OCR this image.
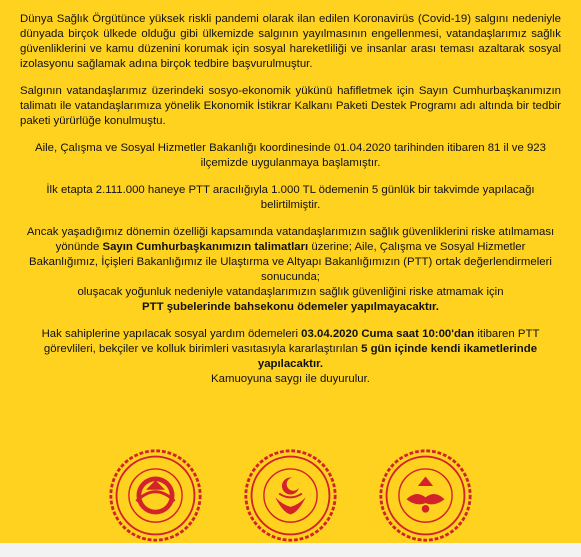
Dünya Sağlık Örgütünce yüksek riskli pandemi olarak ilan edilen Koronavirüs (Covid-19) salgını nedeniyle dünyada birçok ülkede olduğu gibi ülkemizde salgının yayılmasının engellenmesi, vatandaşlarımız sağlık güvenliklerini ve kamu düzenini korumak için sosyal hareketliliği ve insanlar arası teması azaltarak sosyal izolasyonu sağlamak adına birçok tedbire başvurulmuştur.

Salgının vatandaşlarımız üzerindeki sosyo-ekonomik yükünü hafifletmek için Sayın Cumhurbaşkanımızın talimatı ile vatandaşlarımıza yönelik Ekonomik İstikrar Kalkanı Paketi Destek Programı adı altında bir tedbir paketi yürürlüğe konulmuştu.

Aile, Çalışma ve Sosyal Hizmetler Bakanlığı koordinesinde 01.04.2020 tarihinden itibaren 81 il ve 923 ilçemizde uygulanmaya başlamıştır.

İlk etapta 2.111.000 haneye PTT aracılığıyla 1.000 TL ödemenin 5 günlük bir takvimde yapılacağı belirtilmiştir.

Ancak yaşadığımız dönemin özelliği kapsamında vatandaşlarımızın sağlık güvenliklerini riske atılmaması yönünde Sayın Cumhurbaşkanımızın talimatları üzerine; Aile, Çalışma ve Sosyal Hizmetler Bakanlığımız, İçişleri Bakanlığımız ile Ulaştırma ve Altyapı Bakanlığımızın (PTT) ortak değerlendirmeleri sonucunda;
oluşacak yoğunluk nedeniyle vatandaşlarımızın sağlık güvenliğini riske atmamak için
PTT şubelerinde bahsekonu ödemeler yapılmayacaktır.

Hak sahiplerine yapılacak sosyal yardım ödemeleri 03.04.2020 Cuma saat 10:00'dan itibaren PTT görevlileri, bekçiler ve kolluk birimleri vasıtasıyla kararlaştırılan 5 gün içinde kendi ikametlerinde yapılacaktır.
Kamuoyuna saygı ile duyurulur.
